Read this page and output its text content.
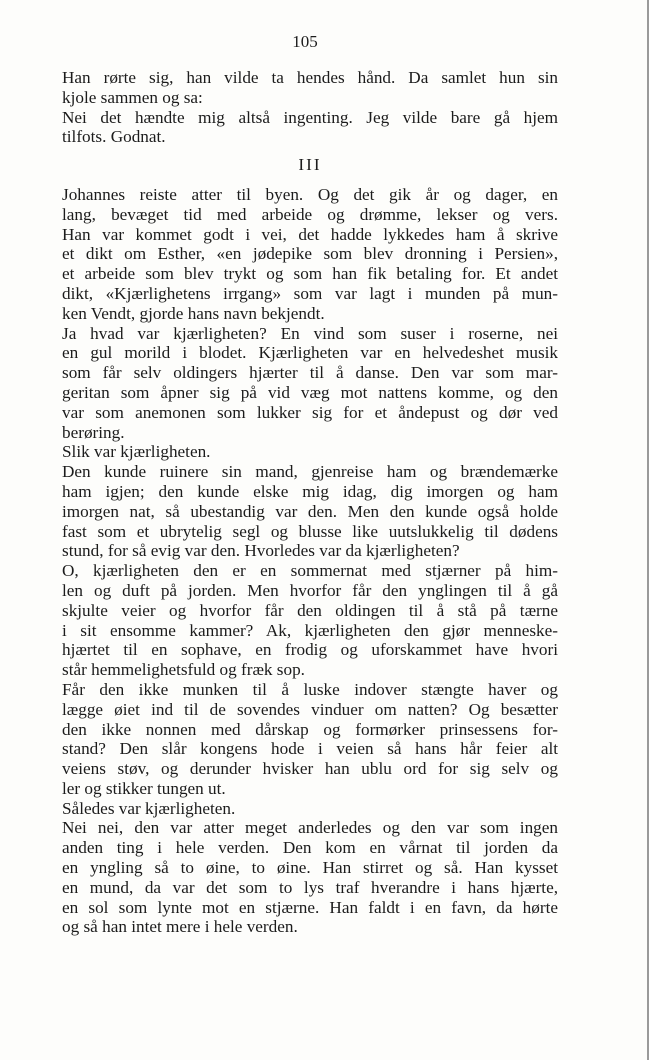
105
Han rørte sig, han vilde ta hendes hånd. Da samlet hun sin
kjole sammen og sa:
Nei det hændte mig altså ingenting. Jeg vilde bare gå hjem
tilfots. Godnat.
III
Johannes reiste atter til byen. Og det gik år og dager, en
lang, bevæget tid med arbeide og drømme, lekser og vers.
Han var kommet godt i vei, det hadde lykkedes ham å skrive
et dikt om Esther, «en jødepike som blev dronning i Persien»,
et arbeide som blev trykt og som han fik betaling for. Et andet
dikt, «Kjærlighetens irrgang» som var lagt i munden på mun-
ken Vendt, gjorde hans navn bekjendt.
Ja hvad var kjærligheten? En vind som suser i roserne, nei
en gul morild i blodet. Kjærligheten var en helvedeshet musik
som får selv oldingers hjærter til å danse. Den var som mar-
geritan som åpner sig på vid væg mot nattens komme, og den
var som anemonen som lukker sig for et åndepust og dør ved
berøring.
Slik var kjærligheten.
Den kunde ruinere sin mand, gjenreise ham og brændemærke
ham igjen; den kunde elske mig idag, dig imorgen og ham
imorgen nat, så ubestandig var den. Men den kunde også holde
fast som et ubrytelig segl og blusse like uutslukkelig til dødens
stund, for så evig var den. Hvorledes var da kjærligheten?
O, kjærligheten den er en sommernat med stjærner på him-
len og duft på jorden. Men hvorfor får den ynglingen til å gå
skjulte veier og hvorfor får den oldingen til å stå på tærne
i sit ensomme kammer? Ak, kjærligheten den gjør menneske-
hjærtet til en sophave, en frodig og uforskammet have hvori
står hemmelighetsfuld og fræk sop.
Får den ikke munken til å luske indover stængte haver og
lægge øiet ind til de sovendes vinduer om natten? Og besætter
den ikke nonnen med dårskap og formørker prinsessens for-
stand? Den slår kongens hode i veien så hans hår feier alt
veiens støv, og derunder hvisker han ublu ord for sig selv og
ler og stikker tungen ut.
Således var kjærligheten.
Nei nei, den var atter meget anderledes og den var som ingen
anden ting i hele verden. Den kom en vårnat til jorden da
en yngling så to øine, to øine. Han stirret og så. Han kysset
en mund, da var det som to lys traf hverandre i hans hjærte,
en sol som lynte mot en stjærne. Han faldt i en favn, da hørte
og så han intet mere i hele verden.
